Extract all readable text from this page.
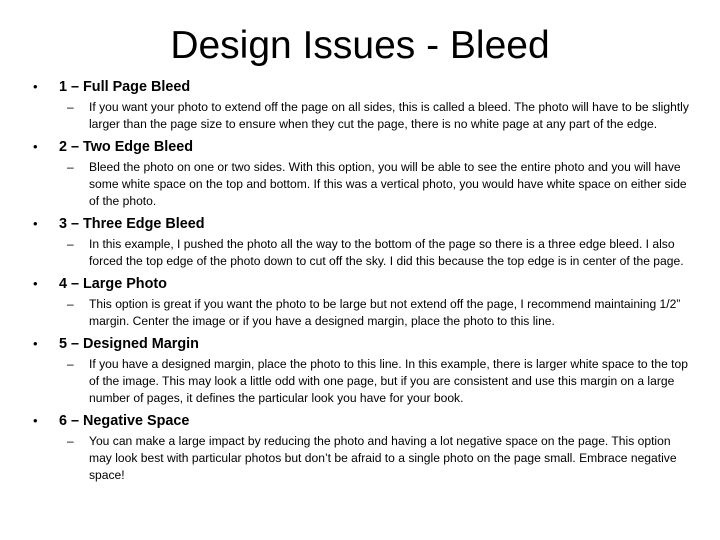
Design Issues - Bleed
•	1 – Full Page Bleed
–	If you want your photo to extend off the page on all sides, this is called a bleed. The photo will have to be slightly larger than the page size to ensure when they cut the page, there is no white page at any part of the edge.
•	2 – Two Edge Bleed
–	Bleed the photo on one or two sides. With this option, you will be able to see the entire photo and you will have some white space on the top and bottom. If this was a vertical photo, you would have white space on either side of the photo.
•	3 – Three Edge Bleed
–	In this example, I pushed the photo all the way to the bottom of the page so there is a three edge bleed. I also forced the top edge of the photo down to cut off the sky. I did this because the top edge is in center of the page.
•	4 – Large Photo
–	This option is great if you want the photo to be large but not extend off the page, I recommend maintaining 1/2” margin. Center the image or if you have a designed margin, place the photo to this line.
•	5 – Designed Margin
–	If you have a designed margin, place the photo to this line. In this example, there is larger white space to the top of the image. This may look a little odd with one page, but if you are consistent and use this margin on a large number of pages, it defines the particular look you have for your book.
•	6 – Negative Space
–	You can make a large impact by reducing the photo and having a lot negative space on the page. This option may look best with particular photos but don’t be afraid to a single photo on the page small. Embrace negative space!
